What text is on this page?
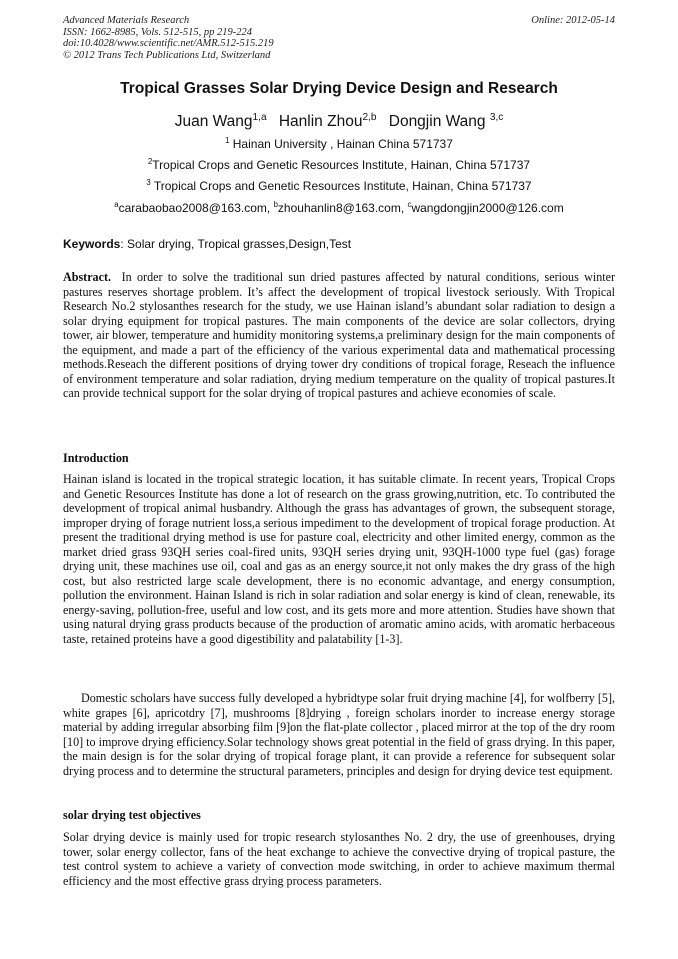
Advanced Materials Research
ISSN: 1662-8985, Vols. 512-515, pp 219-224
doi:10.4028/www.scientific.net/AMR.512-515.219
© 2012 Trans Tech Publications Ltd, Switzerland
Online: 2012-05-14
Tropical Grasses Solar Drying Device Design and Research
Juan Wang$^{1,a}$ Hanlin Zhou$^{2,b}$ Dongjin Wang $^{3,c}$
$^1$ Hainan University , Hainan China 571737
$^2$Tropical Crops and Genetic Resources Institute, Hainan, China 571737
$^3$ Tropical Crops and Genetic Resources Institute, Hainan, China 571737
$^a$carabaobao2008@163.com, $^b$zhouhanlin8@163.com, $^c$wangdongjin2000@126.com
Keywords: Solar drying, Tropical grasses,Design,Test
Abstract. In order to solve the traditional sun dried pastures affected by natural conditions, serious winter pastures reserves shortage problem. It’s affect the development of tropical livestock seriously. With Tropical Research No.2 stylosanthes research for the study, we use Hainan island’s abundant solar radiation to design a solar drying equipment for tropical pastures. The main components of the device are solar collectors, drying tower, air blower, temperature and humidity monitoring systems,a preliminary design for the main components of the equipment, and made a part of the efficiency of the various experimental data and mathematical processing methods.Reseach the different positions of drying tower dry conditions of tropical forage, Reseach the influence of environment temperature and solar radiation, drying medium temperature on the quality of tropical pastures.It can provide technical support for the solar drying of tropical pastures and achieve economies of scale.
Introduction
Hainan island is located in the tropical strategic location, it has suitable climate. In recent years, Tropical Crops and Genetic Resources Institute has done a lot of research on the grass growing,nutrition, etc. To contributed the development of tropical animal husbandry. Although the grass has advantages of grown, the subsequent storage, improper drying of forage nutrient loss,a serious impediment to the development of tropical forage production. At present the traditional drying method is use for pasture coal, electricity and other limited energy, common as the market dried grass 93QH series coal-fired units, 93QH series drying unit, 93QH-1000 type fuel (gas) forage drying unit, these machines use oil, coal and gas as an energy source,it not only makes the dry grass of the high cost, but also restricted large scale development, there is no economic advantage, and energy consumption, pollution the environment. Hainan Island is rich in solar radiation and solar energy is kind of clean, renewable, its energy-saving, pollution-free, useful and low cost, and its gets more and more attention. Studies have shown that using natural drying grass products because of the production of aromatic amino acids, with aromatic herbaceous taste, retained proteins have a good digestibility and palatability [1-3].
Domestic scholars have success fully developed a hybridtype solar fruit drying machine [4], for wolfberry [5], white grapes [6], apricotdry [7], mushrooms [8]drying , foreign scholars inorder to increase energy storage material by adding irregular absorbing film [9]on the flat-plate collector , placed mirror at the top of the dry room [10] to improve drying efficiency.Solar technology shows great potential in the field of grass drying. In this paper, the main design is for the solar drying of tropical forage plant, it can provide a reference for subsequent solar drying process and to determine the structural parameters, principles and design for drying device test equipment.
solar drying test objectives
Solar drying device is mainly used for tropic research stylosanthes No. 2 dry, the use of greenhouses, drying tower, solar energy collector, fans of the heat exchange to achieve the convective drying of tropical pasture, the test control system to achieve a variety of convection mode switching, in order to achieve maximum thermal efficiency and the most effective grass drying process parameters.
